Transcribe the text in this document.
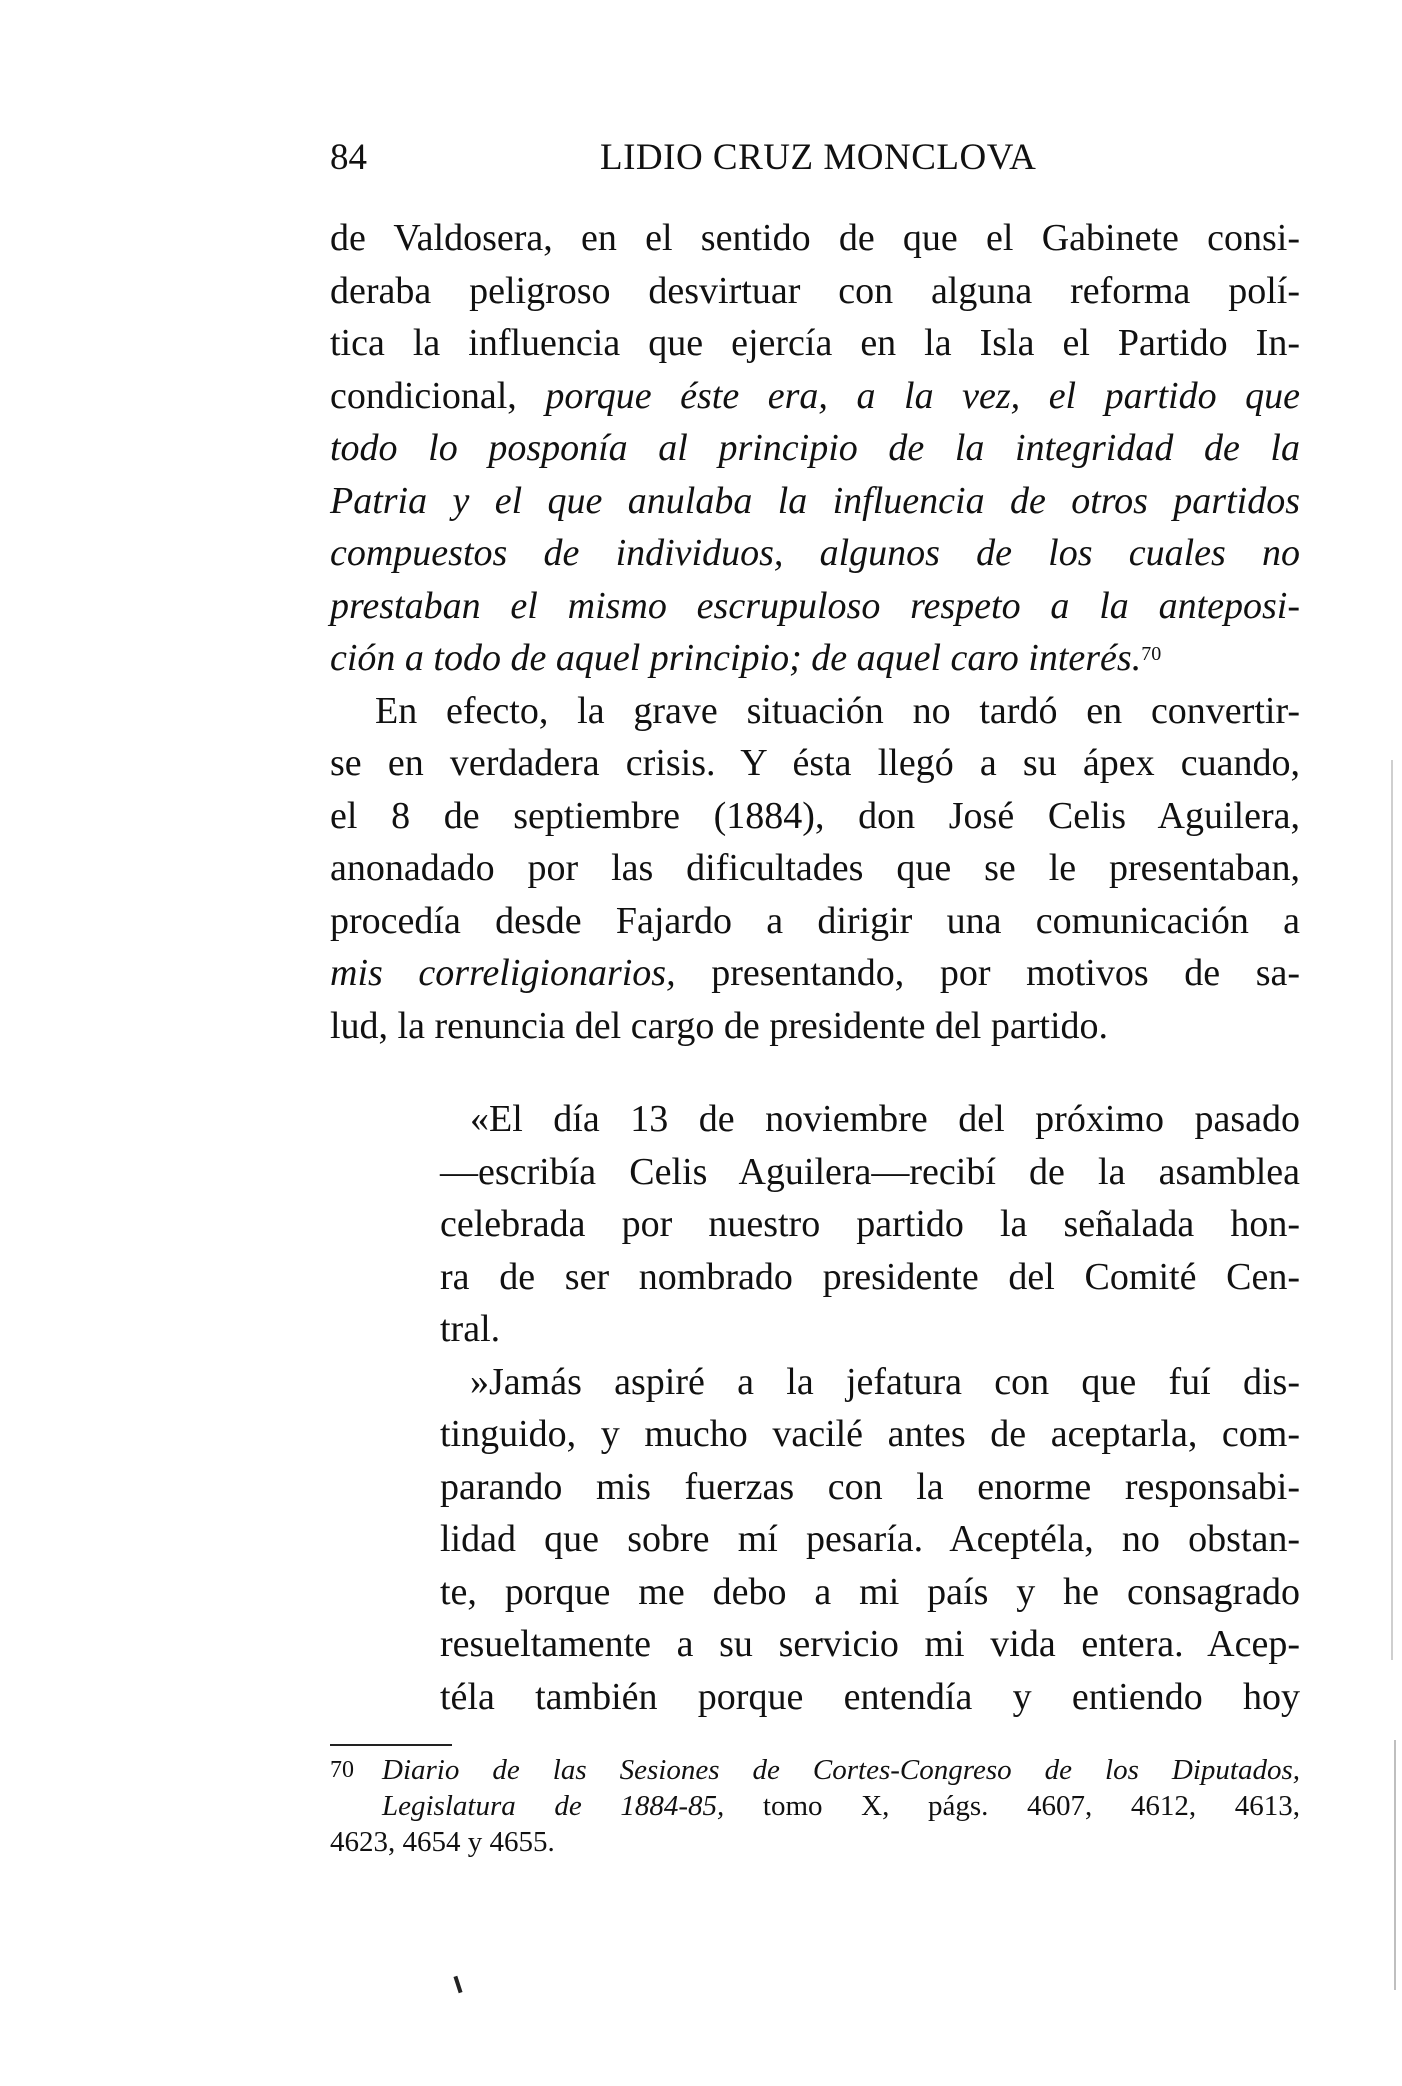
84	LIDIO CRUZ MONCLOVA
de Valdosera, en el sentido de que el Gabinete consi-
deraba peligroso desvirtuar con alguna reforma polí-
tica la influencia que ejercía en la Isla el Partido In-
condicional, porque éste era, a la vez, el partido que
todo lo posponía al principio de la integridad de la
Patria y el que anulaba la influencia de otros partidos
compuestos de individuos, algunos de los cuales no
prestaban el mismo escrupuloso respeto a la anteposi-
ción a todo de aquel principio; de aquel caro interés.$^{70}$
En efecto, la grave situación no tardó en convertir-
se en verdadera crisis. Y ésta llegó a su ápex cuando,
el 8 de septiembre (1884), don José Celis Aguilera,
anonadado por las dificultades que se le presentaban,
procedía desde Fajardo a dirigir una comunicación a
mis correligionarios, presentando, por motivos de sa-
lud, la renuncia del cargo de presidente del partido.
«El día 13 de noviembre del próximo pasado
—escribía Celis Aguilera—recibí de la asamblea
celebrada por nuestro partido la señalada hon-
ra de ser nombrado presidente del Comité Cen-
tral.
»Jamás aspiré a la jefatura con que fuí dis-
tinguido, y mucho vacilé antes de aceptarla, com-
parando mis fuerzas con la enorme responsabi-
lidad que sobre mí pesaría. Aceptéla, no obstan-
te, porque me debo a mi país y he consagrado
resueltamente a su servicio mi vida entera. Acep-
téla también porque entendía y entiendo hoy
70 Diario de las Sesiones de Cortes-Congreso de los Diputados,
Legislatura de 1884-85, tomo X, págs. 4607, 4612, 4613,
4623, 4654 y 4655.
